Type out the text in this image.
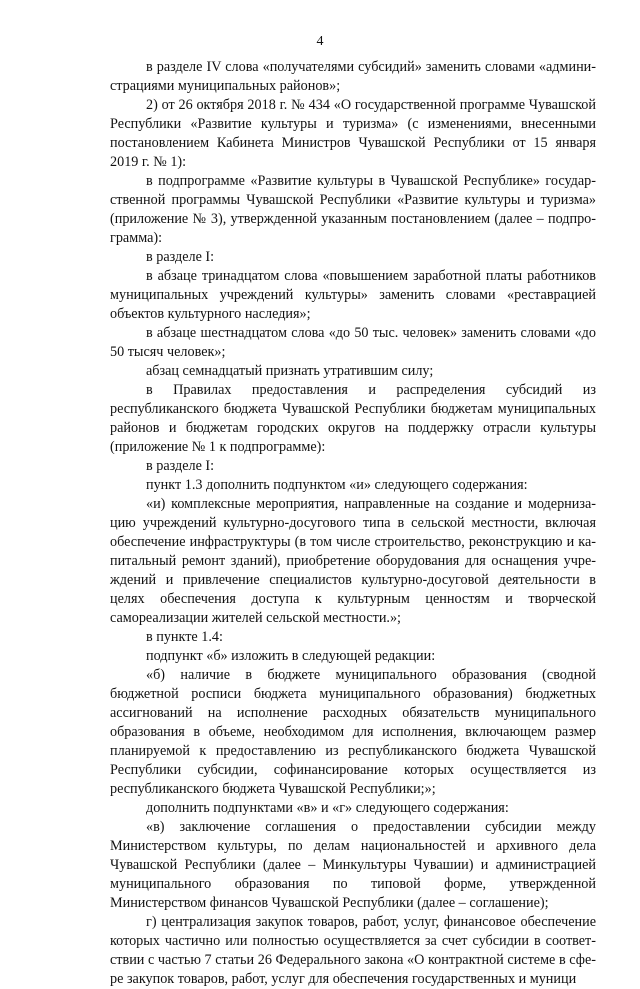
4

в разделе IV слова «получателями субсидий» заменить словами «администрациями муниципальных районов»;

2) от 26 октября 2018 г. № 434 «О государственной программе Чувашской Республики «Развитие культуры и туризма» (с изменениями, внесенными постановлением Кабинета Министров Чувашской Республики от 15 января 2019 г. № 1):

в подпрограмме «Развитие культуры в Чувашской Республике» государственной программы Чувашской Республики «Развитие культуры и туризма» (приложение № 3), утвержденной указанным постановлением (далее – подпрограмма):

в разделе I:

в абзаце тринадцатом слова «повышением заработной платы работников муниципальных учреждений культуры» заменить словами «реставрацией объектов культурного наследия»;

в абзаце шестнадцатом слова «до 50 тыс. человек» заменить словами «до 50 тысяч человек»;

абзац семнадцатый признать утратившим силу;

в Правилах предоставления и распределения субсидий из республиканского бюджета Чувашской Республики бюджетам муниципальных районов и бюджетам городских округов на поддержку отрасли культуры (приложение № 1 к подпрограмме):

в разделе I:

пункт 1.3 дополнить подпунктом «и» следующего содержания:

«и) комплексные мероприятия, направленные на создание и модернизацию учреждений культурно-досугового типа в сельской местности, включая обеспечение инфраструктуры (в том числе строительство, реконструкцию и капитальный ремонт зданий), приобретение оборудования для оснащения учреждений и привлечение специалистов культурно-досуговой деятельности в целях обеспечения доступа к культурным ценностям и творческой самореализации жителей сельской местности.»;

в пункте 1.4:

подпункт «б» изложить в следующей редакции:

«б) наличие в бюджете муниципального образования (сводной бюджетной росписи бюджета муниципального образования) бюджетных ассигнований на исполнение расходных обязательств муниципального образования в объеме, необходимом для исполнения, включающем размер планируемой к предоставлению из республиканского бюджета Чувашской Республики субсидии, софинансирование которых осуществляется из республиканского бюджета Чувашской Республики;»;

дополнить подпунктами «в» и «г» следующего содержания:

«в) заключение соглашения о предоставлении субсидии между Министерством культуры, по делам национальностей и архивного дела Чувашской Республики (далее – Минкультуры Чувашии) и администрацией муниципального образования по типовой форме, утвержденной Министерством финансов Чувашской Республики (далее – соглашение);

г) централизация закупок товаров, работ, услуг, финансовое обеспечение которых частично или полностью осуществляется за счет субсидии в соответствии с частью 7 статьи 26 Федерального закона «О контрактной системе в сфере закупок товаров, работ, услуг для обеспечения государственных и муници
